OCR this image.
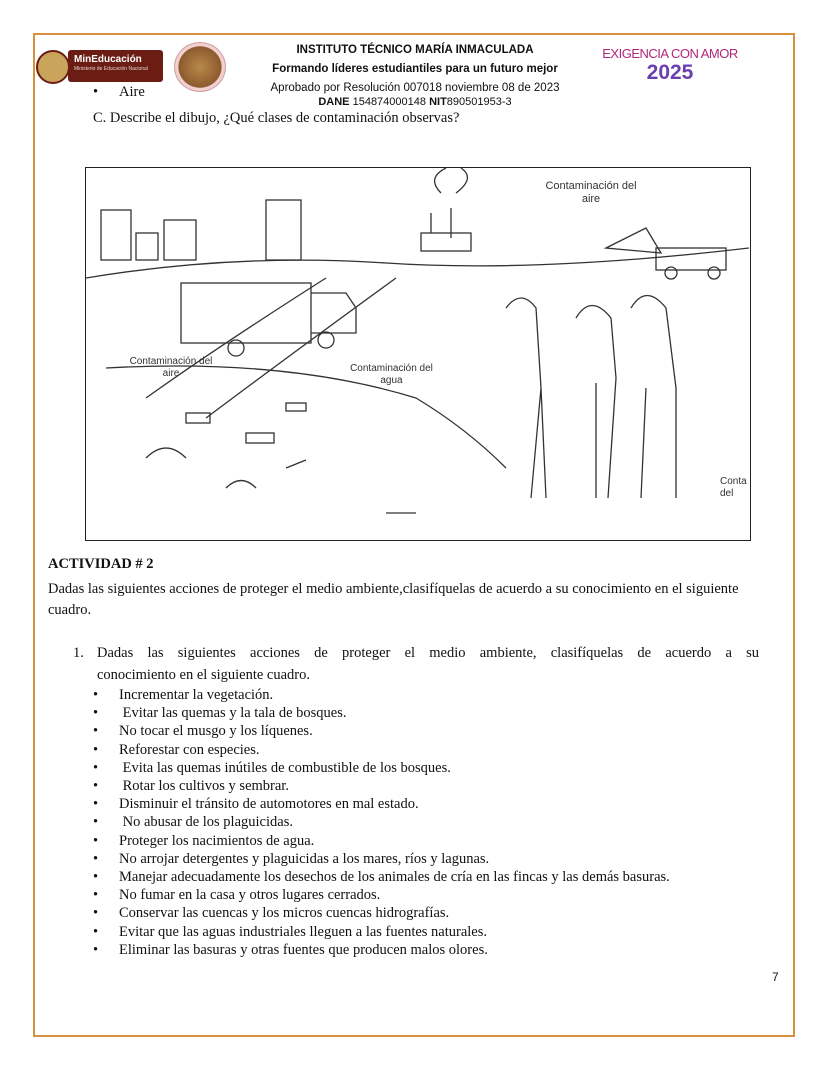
MinEducación
Ministerio de Educación Nacional
INSTITUTO TÉCNICO MARÍA INMACULADA
Formando líderes estudiantiles para un futuro mejor
Aprobado por Resolución 007018 noviembre 08 de 2023
DANE 154874000148 NIT890501953-3
EXIGENCIA CON AMOR
2025
• Aire
C. Describe el dibujo, ¿Qué clases de contaminación observas?
Contaminación del aire
Contaminación del aire	Contaminación del agua
Conta del
ACTIVIDAD # 2
Dadas las siguientes acciones de proteger el medio ambiente,clasifíquelas de acuerdo a su conocimiento en el siguiente cuadro.
1. Dadas las siguientes acciones de proteger el medio ambiente, clasifíquelas de acuerdo a su
conocimiento en el siguiente cuadro.
• Incrementar la vegetación.
• Evitar las quemas y la tala de bosques.
• No tocar el musgo y los líquenes.
• Reforestar con especies.
• Evita las quemas inútiles de combustible de los bosques.
• Rotar los cultivos y sembrar.
• Disminuir el tránsito de automotores en mal estado.
• No abusar de los plaguicidas.
• Proteger los nacimientos de agua.
• No arrojar detergentes y plaguicidas a los mares, ríos y lagunas.
• Manejar adecuadamente los desechos de los animales de cría en las fincas y las demás basuras.
• No fumar en la casa y otros lugares cerrados.
• Conservar las cuencas y los micros cuencas hidrografías.
• Evitar que las aguas industriales lleguen a las fuentes naturales.
• Eliminar las basuras y otras fuentes que producen malos olores.
7
